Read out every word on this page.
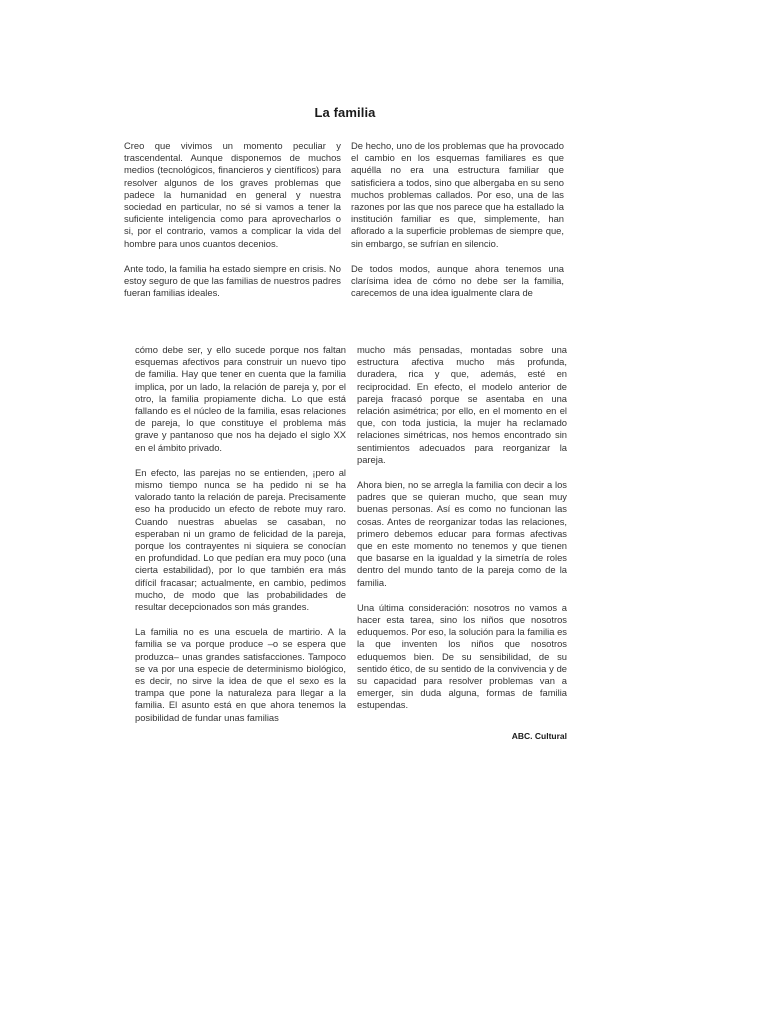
La familia

Creo que vivimos un momento peculiar y trascendental. Aunque disponemos de muchos medios (tecnológicos, financieros y científicos) para resolver algunos de los graves problemas que padece la humanidad en general y nuestra sociedad en particular, no sé si vamos a tener la suficiente inteligencia como para aprovecharlos o si, por el contrario, vamos a complicar la vida del hombre para unos cuantos decenios.

Ante todo, la familia ha estado siempre en crisis. No estoy seguro de que las familias de nuestros padres fueran familias ideales.

De hecho, uno de los problemas que ha provocado el cambio en los esquemas familiares es que aquélla no era una estructura familiar que satisficiera a todos, sino que albergaba en su seno muchos problemas callados. Por eso, una de las razones por las que nos parece que ha estallado la institución familiar es que, simplemente, han aflorado a la superficie problemas de siempre que, sin embargo, se sufrían en silencio.

De todos modos, aunque ahora tenemos una clarísima idea de cómo no debe ser la familia, carecemos de una idea igualmente clara de

cómo debe ser, y ello sucede porque nos faltan esquemas afectivos para construir un nuevo tipo de familia. Hay que tener en cuenta que la familia implica, por un lado, la relación de pareja y, por el otro, la familia propiamente dicha. Lo que está fallando es el núcleo de la familia, esas relaciones de pareja, lo que constituye el problema más grave y pantanoso que nos ha dejado el siglo XX en el ámbito privado.

En efecto, las parejas no se entienden, ¡pero al mismo tiempo nunca se ha pedido ni se ha valorado tanto la relación de pareja. Precisamente eso ha producido un efecto de rebote muy raro. Cuando nuestras abuelas se casaban, no esperaban ni un gramo de felicidad de la pareja, porque los contrayentes ni siquiera se conocían en profundidad. Lo que pedían era muy poco (una cierta estabilidad), por lo que también era más difícil fracasar; actualmente, en cambio, pedimos mucho, de modo que las probabilidades de resultar decepcionados son más grandes.

La familia no es una escuela de martirio. A la familia se va porque produce –o se espera que produzca– unas grandes satisfacciones. Tampoco se va por una especie de determinismo biológico, es decir, no sirve la idea de que el sexo es la trampa que pone la naturaleza para llegar a la familia. El asunto está en que ahora tenemos la posibilidad de fundar unas familias

mucho más pensadas, montadas sobre una estructura afectiva mucho más profunda, duradera, rica y que, además, esté en reciprocidad. En efecto, el modelo anterior de pareja fracasó porque se asentaba en una relación asimétrica; por ello, en el momento en el que, con toda justicia, la mujer ha reclamado relaciones simétricas, nos hemos encontrado sin sentimientos adecuados para reorganizar la pareja.

Ahora bien, no se arregla la familia con decir a los padres que se quieran mucho, que sean muy buenas personas. Así es como no funcionan las cosas. Antes de reorganizar todas las relaciones, primero debemos educar para formas afectivas que en este momento no tenemos y que tienen que basarse en la igualdad y la simetría de roles dentro del mundo tanto de la pareja como de la familia.

Una última consideración: nosotros no vamos a hacer esta tarea, sino los niños que nosotros eduquemos. Por eso, la solución para la familia es la que inventen los niños que nosotros eduquemos bien. De su sensibilidad, de su sentido ético, de su sentido de la convivencia y de su capacidad para resolver problemas van a emerger, sin duda alguna, formas de familia estupendas.

ABC. Cultural
